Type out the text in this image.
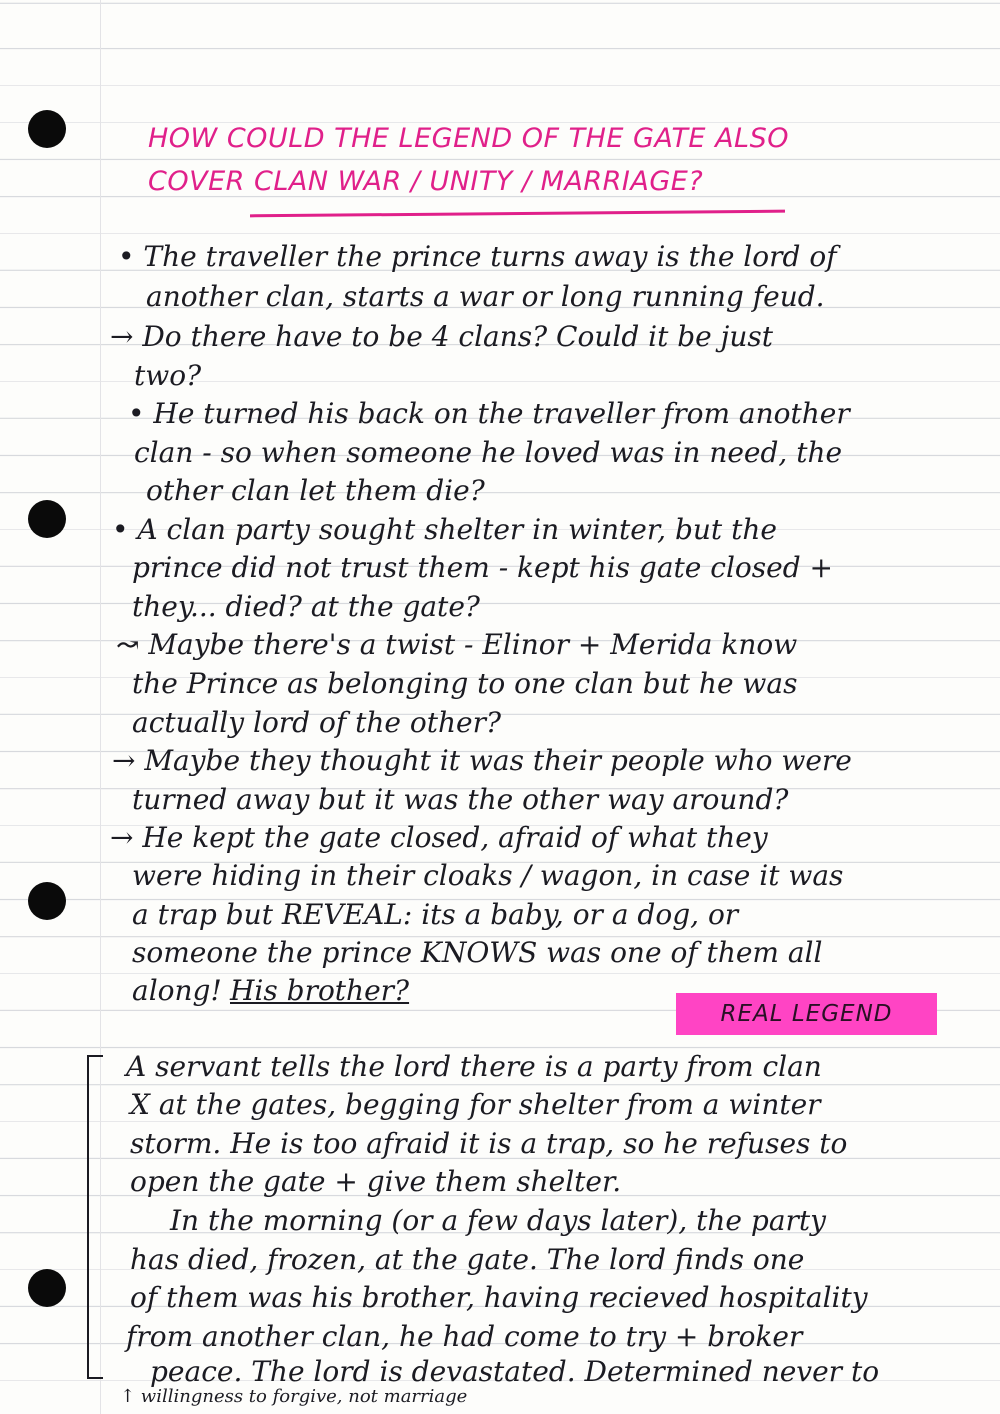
HOW COULD THE LEGEND OF THE GATE ALSO
COVER CLAN WAR / UNITY / MARRIAGE?
• The traveller the prince turns away is the lord of
another clan, starts a war or long running feud.
→ Do there have to be 4 clans? Could it be just
two?
• He turned his back on the traveller from another
clan - so when someone he loved was in need, the
other clan let them die?
• A clan party sought shelter in winter, but the
prince did not trust them - kept his gate closed +
they... died? at the gate?
↝ Maybe there's a twist - Elinor + Merida know
the Prince as belonging to one clan but he was
actually lord of the other?
→ Maybe they thought it was their people who were
turned away but it was the other way around?
→ He kept the gate closed, afraid of what they
were hiding in their cloaks / wagon, in case it was
a trap but REVEAL: its a baby, or a dog, or
someone the prince KNOWS was one of them all
along! His brother?
REAL LEGEND
A servant tells the lord there is a party from clan
X at the gates, begging for shelter from a winter
storm. He is too afraid it is a trap, so he refuses to
open the gate + give them shelter.
In the morning (or a few days later), the party
has died, frozen, at the gate. The lord finds one
of them was his brother, having recieved hospitality
from another clan, he had come to try + broker
peace. The lord is devastated. Determined never to
↑ willingness to forgive, not marriage
